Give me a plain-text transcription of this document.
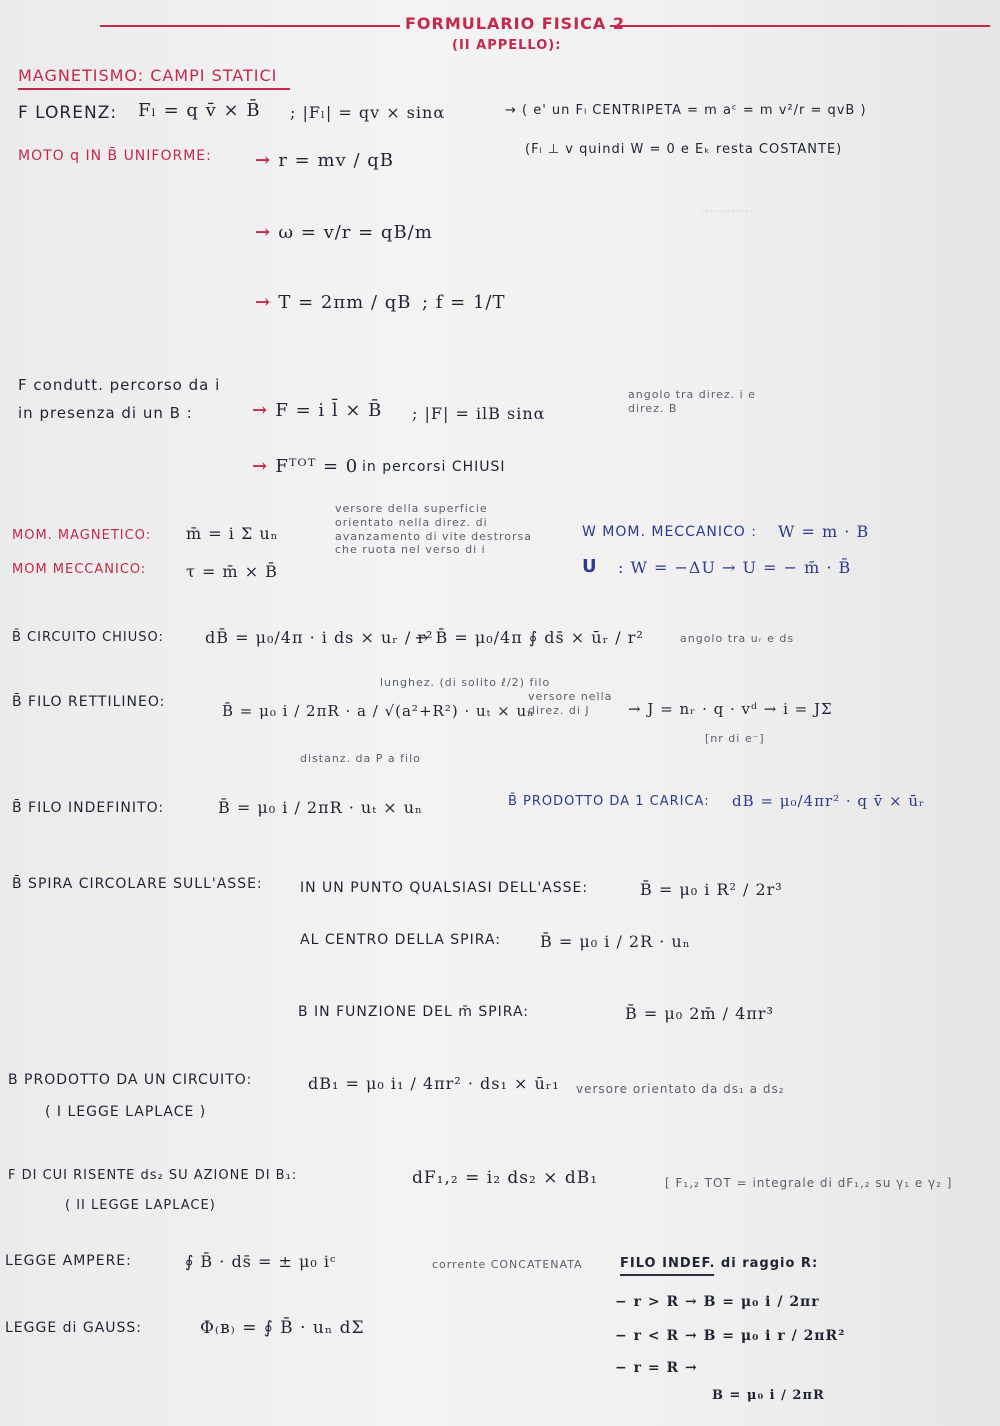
............
FORMULARIO FISICA 2
(II APPELLO):
MAGNETISMO: CAMPI STATICI
F LORENZ: Fₗ = q v̄ × B̄ ; |Fₗ| = qv × sinα	→ ( e' un Fₗ CENTRIPETA = m aᶜ = m v²/r = qvB )
(Fₗ ⊥ v quindi W = 0 e Eₖ resta COSTANTE)
MOTO q IN B̄ UNIFORME: → r = mv / qB
→ ω = v/r = qB/m
→ T = 2πm / qB ; f = 1/T
F condutt. percorso da i
in presenza di un B :	→ F = i l̄ × B̄ ; |F| = ilB sinα
angolo tra direz. i e direz. B
→ Fᵀᴼᵀ = 0 in percorsi CHIUSI
MOM. MAGNETICO: m̄ = i Σ uₙ
versore della superficie orientato nella direz. di avanzamento di vite destrorsa che ruota nel verso di i
MOM MECCANICO: τ = m̄ × B̄
W MOM. MECCANICO : W = m · B
U : W = −ΔU → U = − m̄ · B̄
B̄ CIRCUITO CHIUSO:	dB̄ = μ₀/4π · i ds × uᵣ / r²
→ B̄ = μ₀/4π ∮ ds̄ × ūᵣ / r²	angolo tra uᵣ e ds
B̄ FILO RETTILINEO:	B̄ = μ₀ i / 2πR · a / √(a²+R²) · uₜ × uₙ
lunghez. (di solito ℓ/2) filo
distanz. da P a filo
versore nella direz. di J	→ J = nᵣ · q · vᵈ → i = JΣ
[nr di e⁻]
B̄ FILO INDEFINITO:	B̄ = μ₀ i / 2πR · uₜ × uₙ	B̄ PRODOTTO DA 1 CARICA: dB = μ₀/4πr² · q v̄ × ūᵣ
B̄ SPIRA CIRCOLARE SULL'ASSE:	IN UN PUNTO QUALSIASI DELL'ASSE:	B̄ = μ₀ i R² / 2r³
AL CENTRO DELLA SPIRA: B̄ = μ₀ i / 2R · uₙ
B IN FUNZIONE DEL m̄ SPIRA:	B̄ = μ₀ 2m̄ / 4πr³
B PRODOTTO DA UN CIRCUITO:
( I LEGGE LAPLACE )
dB₁ = μ₀ i₁ / 4πr² · ds₁ × ūᵣ₁ versore orientato da ds₁ a ds₂
F DI CUI RISENTE ds₂ SU AZIONE DI B₁:
( II LEGGE LAPLACE)
dF₁,₂ = i₂ ds₂ × dB₁	[ F₁,₂ TOT = integrale di dF₁,₂ su γ₁ e γ₂ ]
LEGGE AMPERE:	∮ B̄ · ds̄ = ± μ₀ iᶜ	corrente CONCATENATA	FILO INDEF. di raggio R:
− r > R → B = μ₀ i / 2πr
− r < R → B = μ₀ i r / 2πR²
− r = R →
B = μ₀ i / 2πR
LEGGE di GAUSS:	Φ₍ʙ₎ = ∮ B̄ · uₙ dΣ
